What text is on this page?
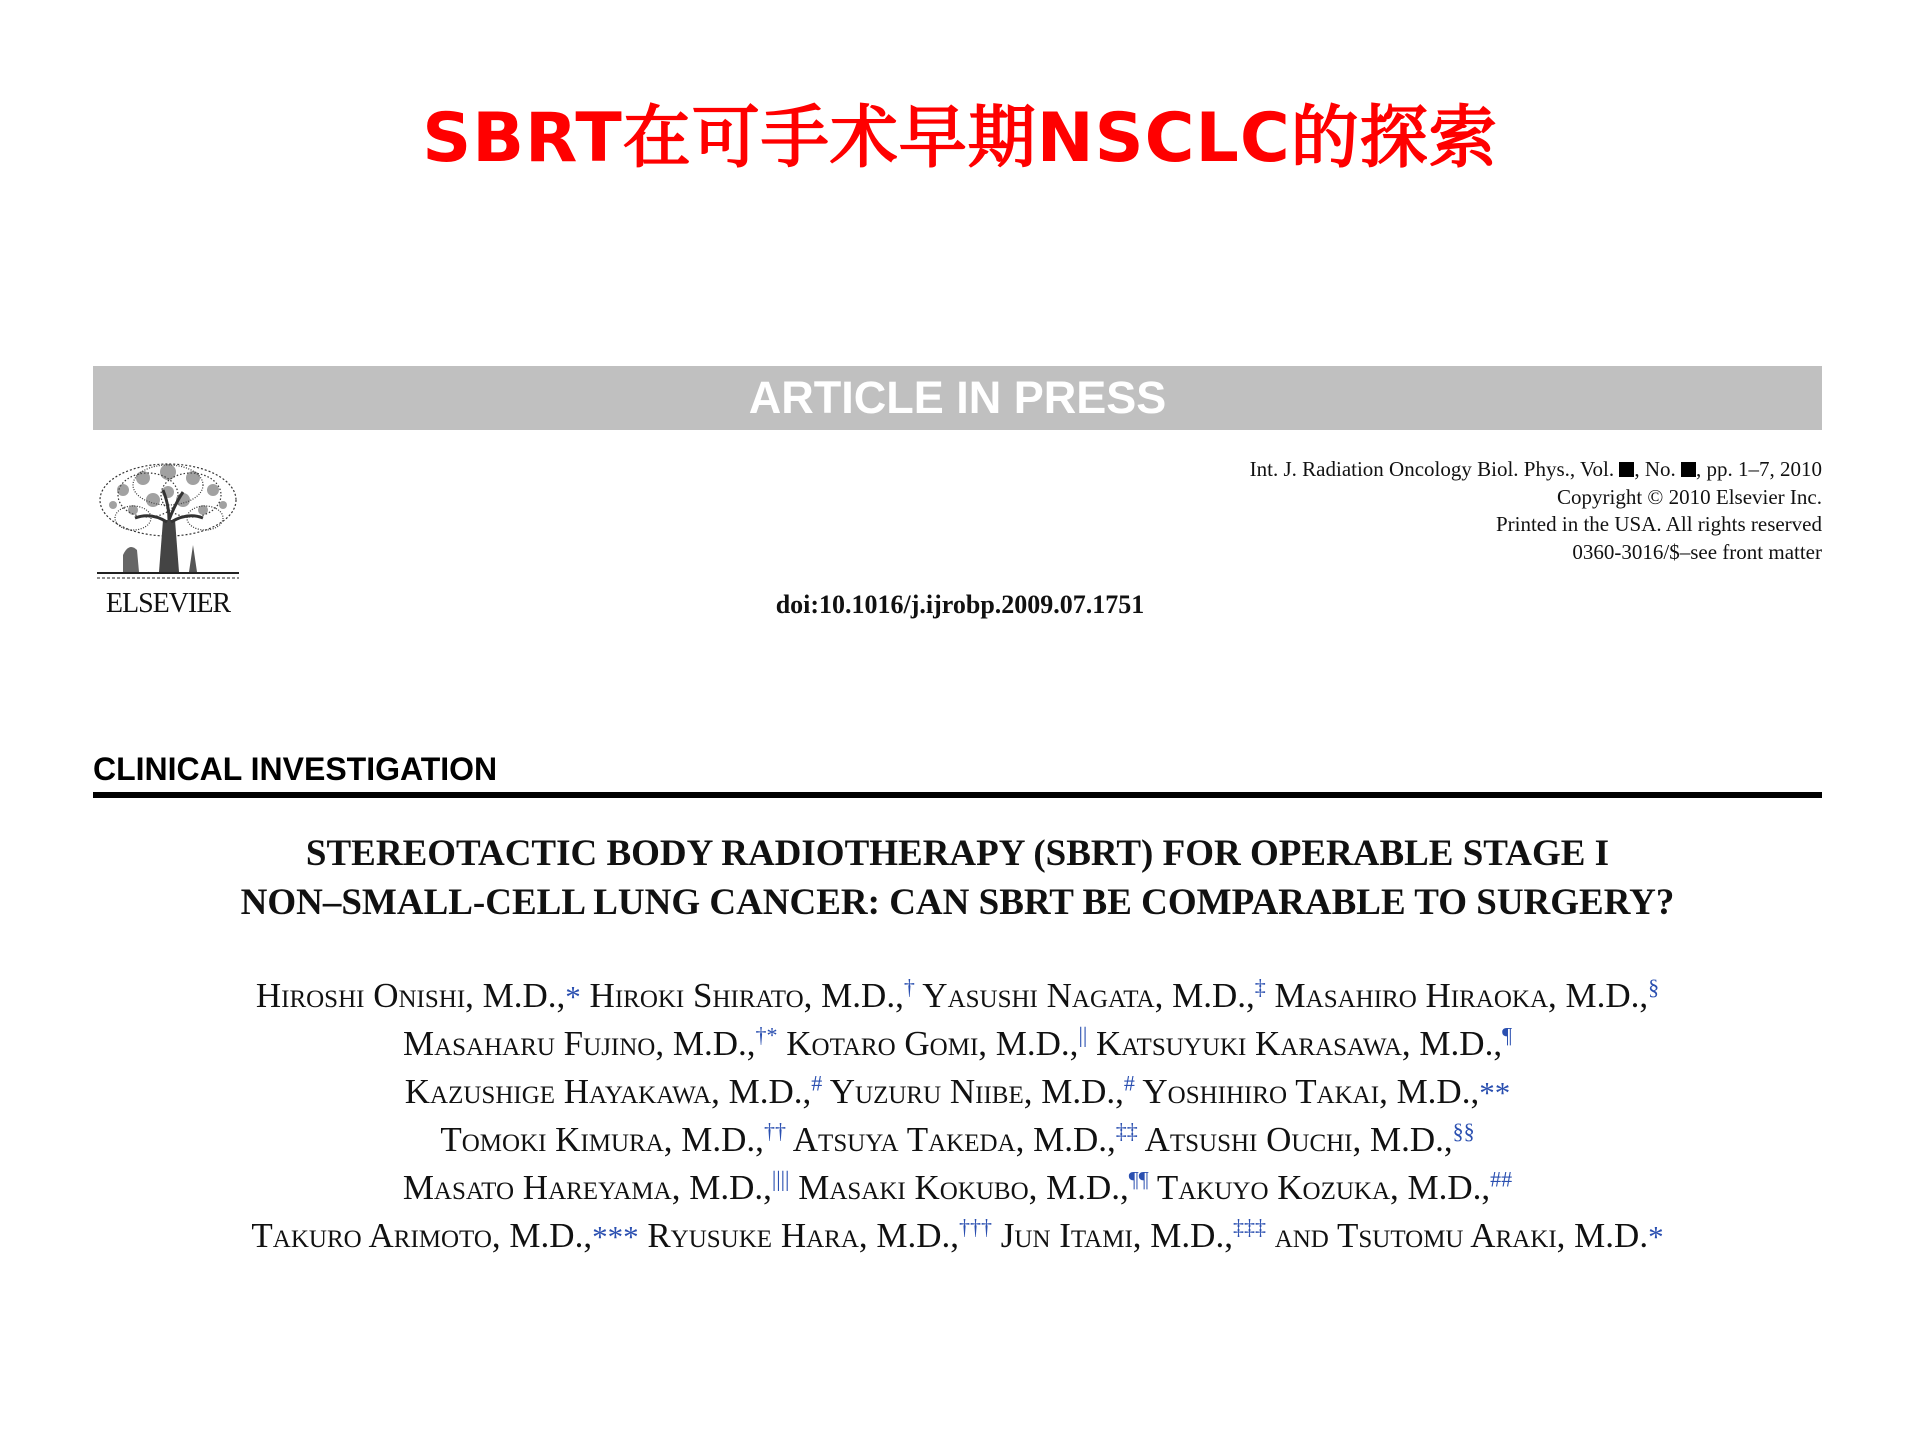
SBRT在可手术早期NSCLC的探索
ARTICLE IN PRESS
ELSEVIER
Int. J. Radiation Oncology Biol. Phys., Vol. , No. , pp. 1–7, 2010
Copyright © 2010 Elsevier Inc.
Printed in the USA. All rights reserved
0360-3016/$–see front matter
doi:10.1016/j.ijrobp.2009.07.1751
CLINICAL INVESTIGATION
STEREOTACTIC BODY RADIOTHERAPY (SBRT) FOR OPERABLE STAGE I
NON–SMALL-CELL LUNG CANCER: CAN SBRT BE COMPARABLE TO SURGERY?
Hiroshi Onishi, M.D.,* Hiroki Shirato, M.D.,† Yasushi Nagata, M.D.,‡ Masahiro Hiraoka, M.D.,§
Masaharu Fujino, M.D.,†* Kotaro Gomi, M.D.,|| Katsuyuki Karasawa, M.D.,¶
Kazushige Hayakawa, M.D.,# Yuzuru Niibe, M.D.,# Yoshihiro Takai, M.D.,**
Tomoki Kimura, M.D.,†† Atsuya Takeda, M.D.,‡‡ Atsushi Ouchi, M.D.,§§
Masato Hareyama, M.D.,|||| Masaki Kokubo, M.D.,¶¶ Takuyo Kozuka, M.D.,##
Takuro Arimoto, M.D.,*** Ryusuke Hara, M.D.,††† Jun Itami, M.D.,‡‡‡ and Tsutomu Araki, M.D.*
